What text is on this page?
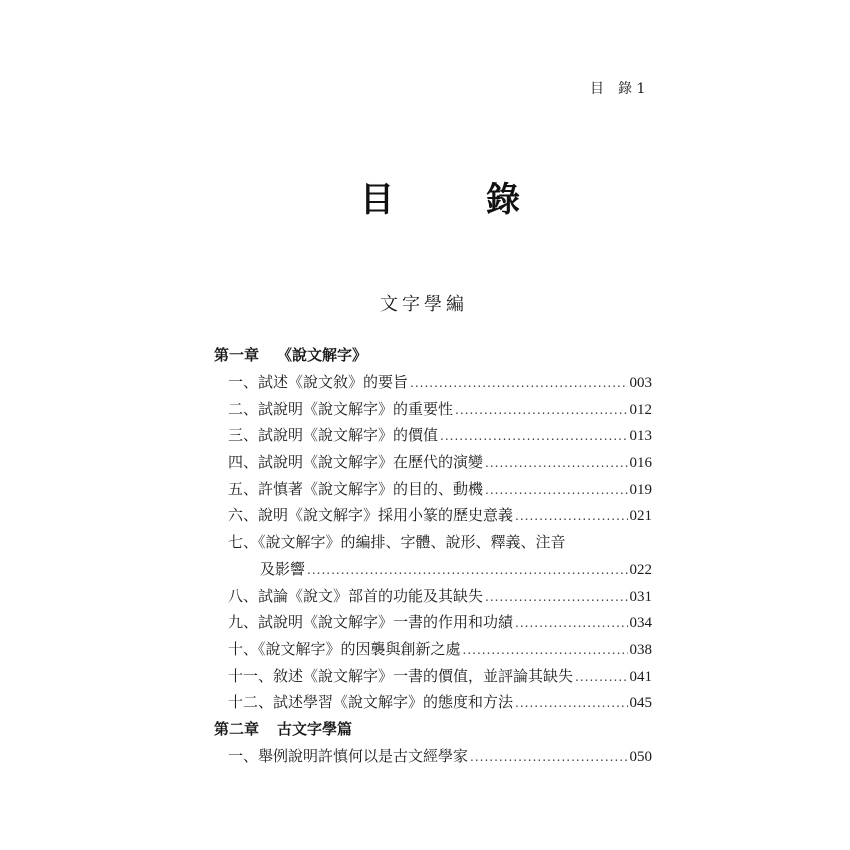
目 錄 1
目	錄
文字學編
第一章 《說文解字》
一、試述《說文敘》的要旨 .....	003
二、試說明《說文解字》的重要性 .....	012
三、試說明《說文解字》的價值 .....	013
四、試說明《說文解字》在歷代的演變 .....	016
五、許慎著《說文解字》的目的、動機 .....	019
六、說明《說文解字》採用小篆的歷史意義 .....	021
七、《說文解字》的編排、字體、說形、釋義、注音
及影響 .....	022
八、試論《說文》部首的功能及其缺失 .....	031
九、試說明《說文解字》一書的作用和功績 .....	034
十、《說文解字》的因襲與創新之處 .....	038
十一、敘述《說文解字》一書的價值，並評論其缺失 .....	041
十二、試述學習《說文解字》的態度和方法 .....	045
第二章 古文字學篇
一、舉例說明許慎何以是古文經學家 .....	050
